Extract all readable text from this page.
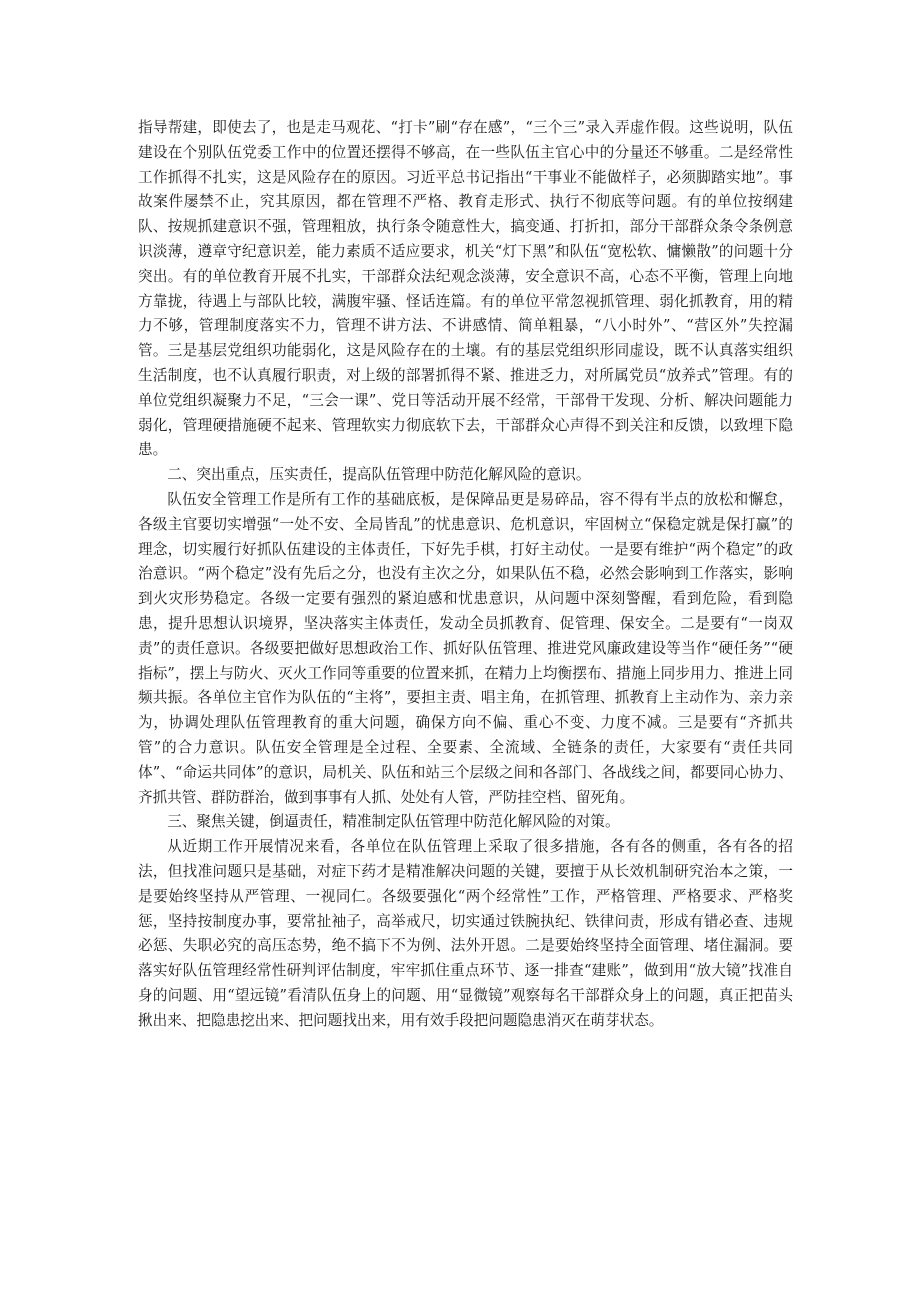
指导帮建，即使去了，也是走马观花、“打卡”刷“存在感”，“三个三”录入弄虚作假。这些说明，队伍建设在个别队伍党委工作中的位置还摆得不够高，在一些队伍主官心中的分量还不够重。二是经常性工作抓得不扎实，这是风险存在的原因。习近平总书记指出“干事业不能做样子，必须脚踏实地”。事故案件屡禁不止，究其原因，都在管理不严格、教育走形式、执行不彻底等问题。有的单位按纲建队、按规抓建意识不强，管理粗放，执行条令随意性大，搞变通、打折扣，部分干部群众条令条例意识淡薄，遵章守纪意识差，能力素质不适应要求，机关“灯下黑”和队伍“宽松软、慵懒散”的问题十分突出。有的单位教育开展不扎实，干部群众法纪观念淡薄，安全意识不高，心态不平衡，管理上向地方靠拢，待遇上与部队比较，满腹牢骚、怪话连篇。有的单位平常忽视抓管理、弱化抓教育，用的精力不够，管理制度落实不力，管理不讲方法、不讲感情、简单粗暴，“八小时外”、“营区外”失控漏管。三是基层党组织功能弱化，这是风险存在的土壤。有的基层党组织形同虚设，既不认真落实组织生活制度，也不认真履行职责，对上级的部署抓得不紧、推进乏力，对所属党员“放养式”管理。有的单位党组织凝聚力不足，“三会一课”、党日等活动开展不经常，干部骨干发现、分析、解决问题能力弱化，管理硬措施硬不起来、管理软实力彻底软下去，干部群众心声得不到关注和反馈，以致埋下隐患。

二、突出重点，压实责任，提高队伍管理中防范化解风险的意识。

队伍安全管理工作是所有工作的基础底板，是保障品更是易碎品，容不得有半点的放松和懈怠，各级主官要切实增强“一处不安、全局皆乱”的忧患意识、危机意识，牢固树立“保稳定就是保打赢”的理念，切实履行好抓队伍建设的主体责任，下好先手棋，打好主动仗。一是要有维护“两个稳定”的政治意识。“两个稳定”没有先后之分，也没有主次之分，如果队伍不稳，必然会影响到工作落实，影响到火灾形势稳定。各级一定要有强烈的紧迫感和忧患意识，从问题中深刻警醒，看到危险，看到隐患，提升思想认识境界，坚决落实主体责任，发动全员抓教育、促管理、保安全。二是要有“一岗双责”的责任意识。各级要把做好思想政治工作、抓好队伍管理、推进党风廉政建设等当作“硬任务”“硬指标”，摆上与防火、灭火工作同等重要的位置来抓，在精力上均衡摆布、措施上同步用力、推进上同频共振。各单位主官作为队伍的“主将”，要担主责、唱主角，在抓管理、抓教育上主动作为、亲力亲为，协调处理队伍管理教育的重大问题，确保方向不偏、重心不变、力度不减。三是要有“齐抓共管”的合力意识。队伍安全管理是全过程、全要素、全流域、全链条的责任，大家要有“责任共同体”、“命运共同体”的意识，局机关、队伍和站三个层级之间和各部门、各战线之间，都要同心协力、齐抓共管、群防群治，做到事事有人抓、处处有人管，严防挂空档、留死角。

三、聚焦关键，倒逼责任，精准制定队伍管理中防范化解风险的对策。

从近期工作开展情况来看，各单位在队伍管理上采取了很多措施，各有各的侧重，各有各的招法，但找准问题只是基础，对症下药才是精准解决问题的关键，要擅于从长效机制研究治本之策，一是要始终坚持从严管理、一视同仁。各级要强化“两个经常性”工作，严格管理、严格要求、严格奖惩，坚持按制度办事，要常扯袖子，高举戒尺，切实通过铁腕执纪、铁律问责，形成有错必查、违规必惩、失职必究的高压态势，绝不搞下不为例、法外开恩。二是要始终坚持全面管理、堵住漏洞。要落实好队伍管理经常性研判评估制度，牢牢抓住重点环节、逐一排查“建账”，做到用“放大镜”找准自身的问题、用“望远镜”看清队伍身上的问题、用“显微镜”观察每名干部群众身上的问题，真正把苗头揪出来、把隐患挖出来、把问题找出来，用有效手段把问题隐患消灭在萌芽状态。
